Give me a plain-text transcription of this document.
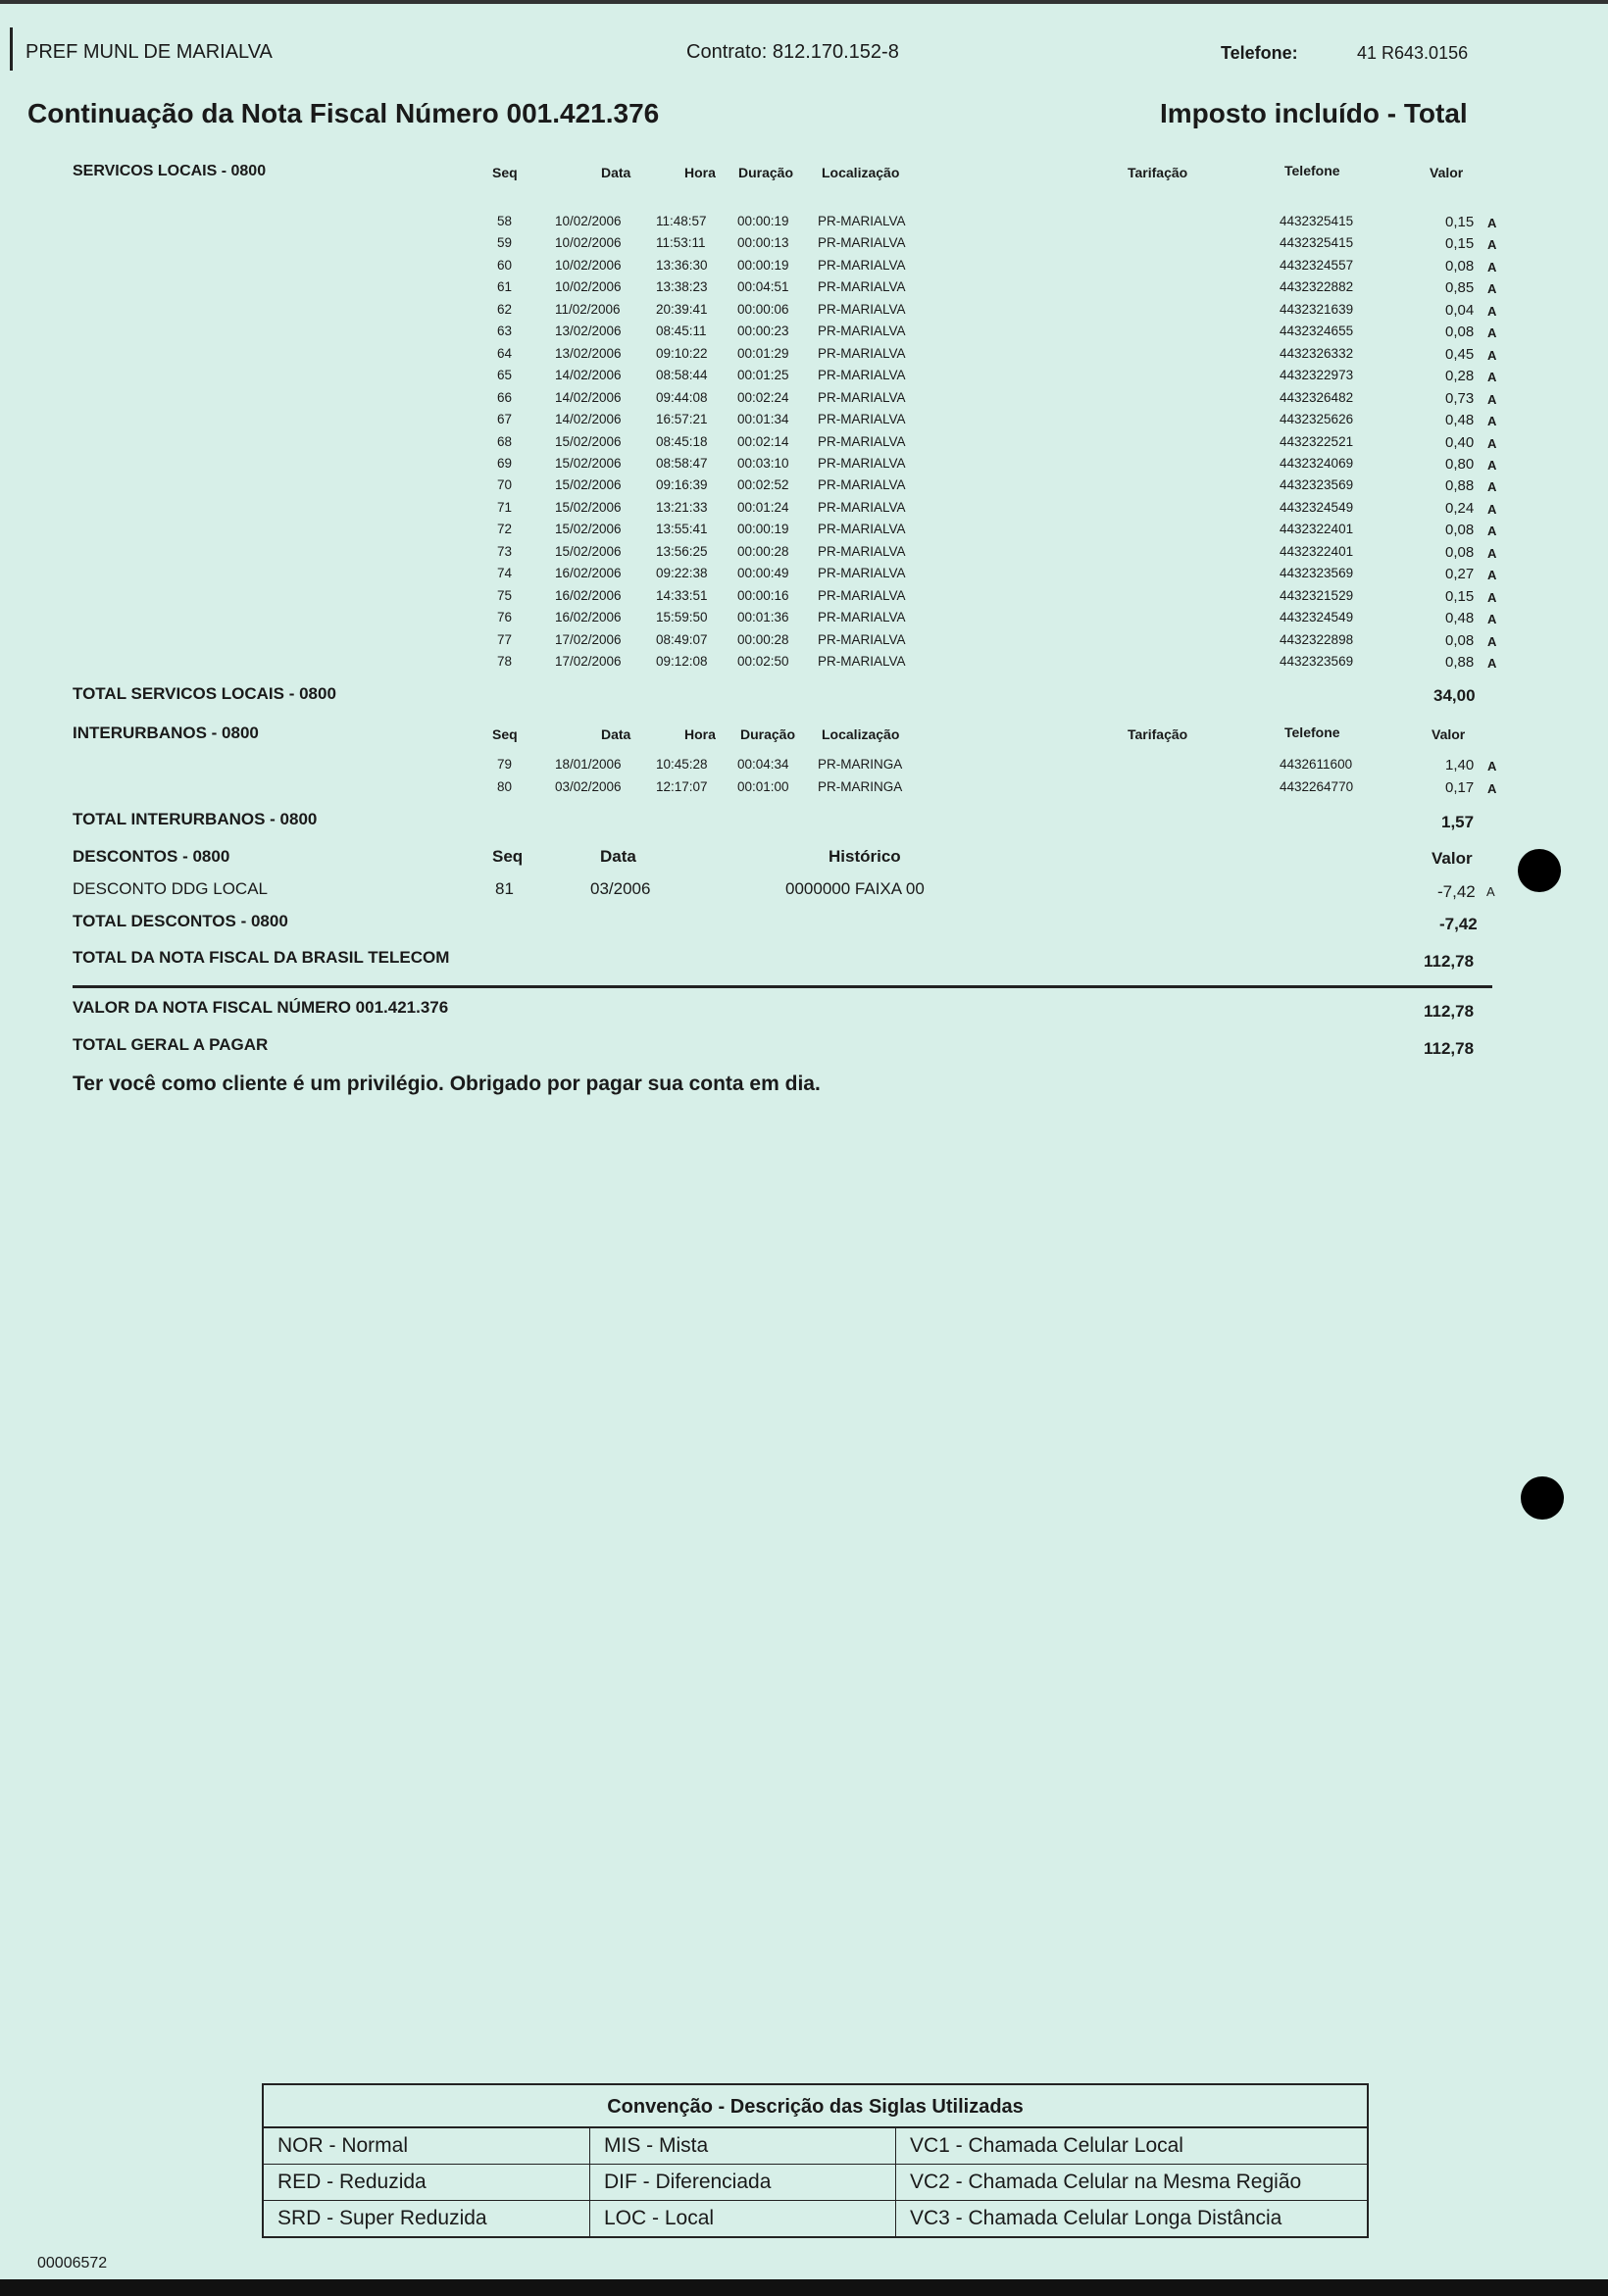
PREF MUNL DE MARIALVA	Contrato: 812.170.152-8	Telefone:	41 R643.0156
Continuação da Nota Fiscal Número 001.421.376	Imposto incluído - Total
SERVICOS LOCAIS - 0800	Seq	Data	Hora Duração Localização	Tarifação	Telefone	Valor
58	10/02/2006	11:48:57 00:00:19 PR-MARIALVA	4432325415	0,15 A
59	10/02/2006	11:53:11 00:00:13 PR-MARIALVA	4432325415	0,15 A
60	10/02/2006	13:36:30 00:00:19 PR-MARIALVA	4432324557	0,08 A
61	10/02/2006	13:38:23 00:04:51 PR-MARIALVA	4432322882	0,85 A
62	11/02/2006	20:39:41 00:00:06 PR-MARIALVA	4432321639	0,04 A
63	13/02/2006	08:45:11 00:00:23 PR-MARIALVA	4432324655	0,08 A
64	13/02/2006	09:10:22 00:01:29 PR-MARIALVA	4432326332	0,45 A
65	14/02/2006	08:58:44 00:01:25 PR-MARIALVA	4432322973	0,28 A
66	14/02/2006	09:44:08 00:02:24 PR-MARIALVA	4432326482	0,73 A
67	14/02/2006	16:57:21 00:01:34 PR-MARIALVA	4432325626	0,48 A
68	15/02/2006	08:45:18 00:02:14 PR-MARIALVA	4432322521	0,40 A
69	15/02/2006	08:58:47 00:03:10 PR-MARIALVA	4432324069	0,80 A
70	15/02/2006	09:16:39 00:02:52 PR-MARIALVA	4432323569	0,88 A
71	15/02/2006	13:21:33 00:01:24 PR-MARIALVA	4432324549	0,24 A
72	15/02/2006	13:55:41 00:00:19 PR-MARIALVA	4432322401	0,08 A
73	15/02/2006	13:56:25 00:00:28 PR-MARIALVA	4432322401	0,08 A
74	16/02/2006	09:22:38 00:00:49 PR-MARIALVA	4432323569	0,27 A
75	16/02/2006	14:33:51 00:00:16 PR-MARIALVA	4432321529	0,15 A
76	16/02/2006	15:59:50 00:01:36 PR-MARIALVA	4432324549	0,48 A
77	17/02/2006	08:49:07 00:00:28 PR-MARIALVA	4432322898	0,08 A
78	17/02/2006	09:12:08 00:02:50 PR-MARIALVA	4432323569	0,88 A
TOTAL SERVICOS LOCAIS - 0800	34,00
INTERURBANOS - 0800	Seq	Data	Hora Duração Localização	Tarifação	Telefone	Valor
79	18/01/2006	10:45:28 00:04:34 PR-MARINGA	4432611600	1,40 A
80	03/02/2006	12:17:07 00:01:00 PR-MARINGA	4432264770	0,17 A
TOTAL INTERURBANOS - 0800	1,57
DESCONTOS - 0800	Seq	Data	Histórico	Valor
DESCONTO DDG LOCAL	81	03/2006	0000000 FAIXA 00	-7,42 A
TOTAL DESCONTOS - 0800	-7,42
TOTAL DA NOTA FISCAL DA BRASIL TELECOM	112,78
VALOR DA NOTA FISCAL NÚMERO 001.421.376	112,78
TOTAL GERAL A PAGAR	112,78
Ter você como cliente é um privilégio. Obrigado por pagar sua conta em dia.
Convenção - Descrição das Siglas Utilizadas
NOR - Normal	MIS - Mista	VC1 - Chamada Celular Local
RED - Reduzida	DIF - Diferenciada	VC2 - Chamada Celular na Mesma Região
SRD - Super Reduzida	LOC - Local	VC3 - Chamada Celular Longa Distância
00006572
